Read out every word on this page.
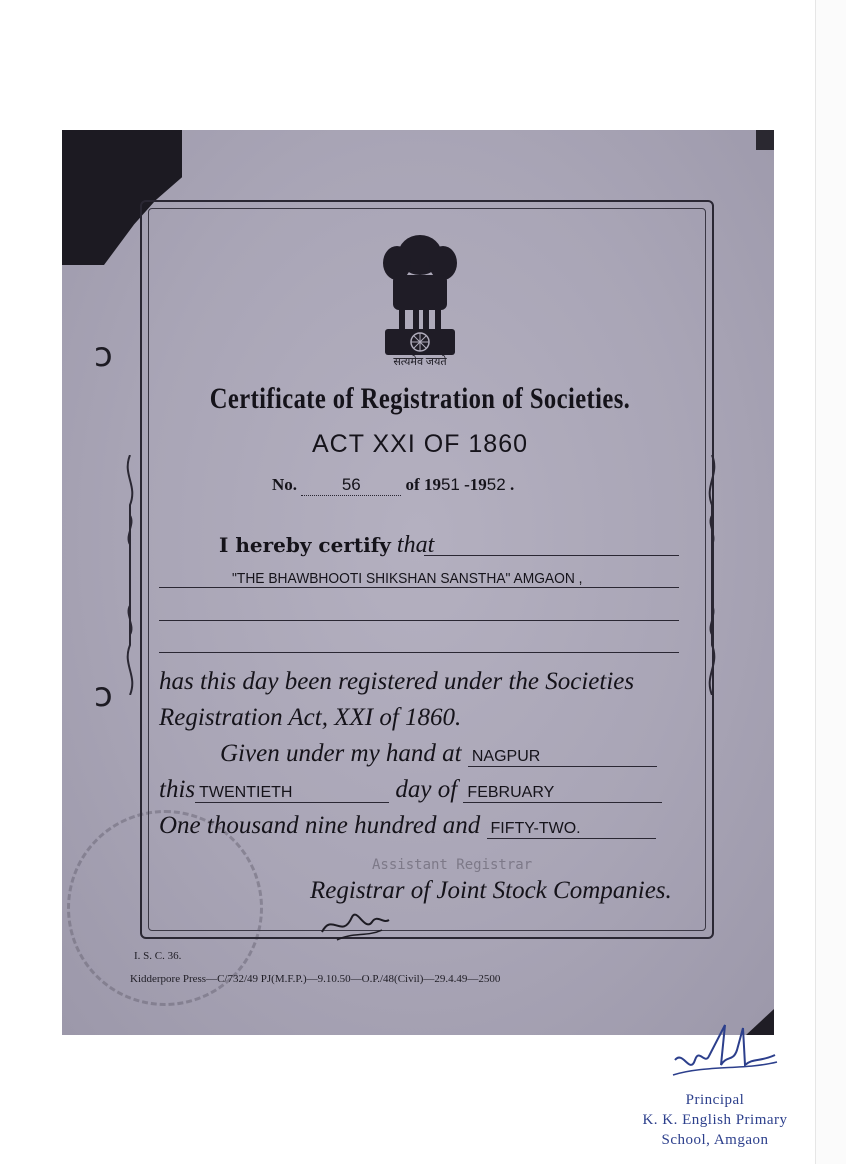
ↄ
ↄ
सत्यमेव जयते
Certificate of Registration of Societies.
ACT XXI OF 1860
No.	56	of 1951 -1952 .
I hereby certify that
"THE BHAWBHOOTI SHIKSHAN SANSTHA" AMGAON ,
has this day been registered under the Societies
Registration Act, XXI of 1860.
Given under my hand at NAGPUR
this TWENTIETH	day of FEBRUARY
One thousand nine hundred and FIFTY-TWO.
Assistant Registrar
Registrar of Joint Stock Companies.
I. S. C. 36.
Kidderpore Press—C/732/49 PJ(M.F.P.)—9.10.50—O.P./48(Civil)—29.4.49—2500
Principal
K. K. English Primary
School, Amgaon
